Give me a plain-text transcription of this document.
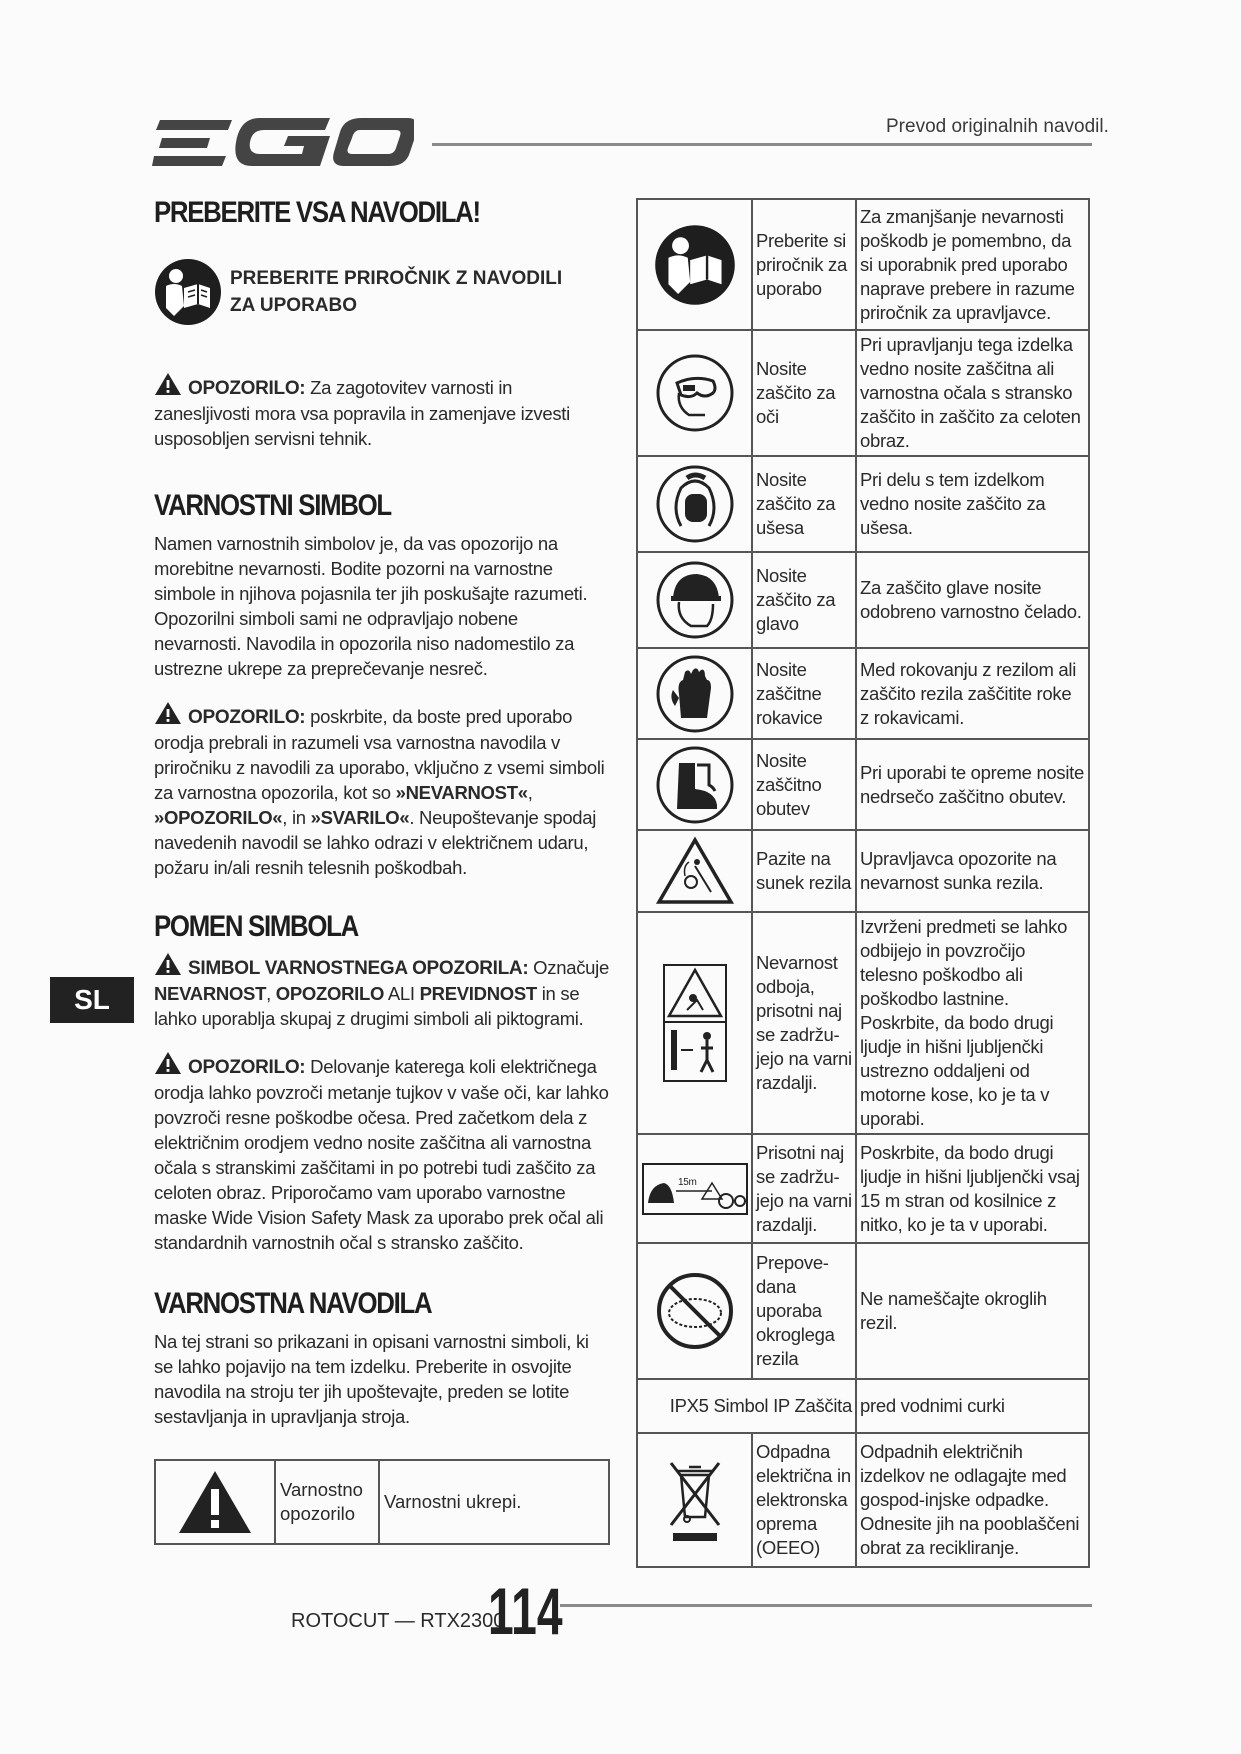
Prevod originalnih navodil.
SL
PREBERITE VSA NAVODILA!
PREBERITE PRIROČNIK Z NAVODILI
ZA UPORABO

OPOZORILO: Za zagotovitev varnosti in zanesljivosti mora vsa popravila in zamenjave izvesti usposobljen servisni tehnik.

VARNOSTNI SIMBOL

Namen varnostnih simbolov je, da vas opozorijo na morebitne nevarnosti. Bodite pozorni na varnostne simbole in njihova pojasnila ter jih poskušajte razumeti. Opozorilni simboli sami ne odpravljajo nobene nevarnosti. Navodila in opozorila niso nadomestilo za ustrezne ukrepe za preprečevanje nesreč.

OPOZORILO: poskrbite, da boste pred uporabo orodja prebrali in razumeli vsa varnostna navodila v priročniku z navodili za uporabo, vključno z vsemi simboli za varnostna opozorila, kot so »NEVARNOST«, »OPOZORILO«, in »SVARILO«. Neupoštevanje spodaj navedenih navodil se lahko odrazi v električnem udaru, požaru in/ali resnih telesnih poškodbah.

POMEN SIMBOLA

SIMBOL VARNOSTNEGA OPOZORILA: Označuje NEVARNOST, OPOZORILO ALI PREVIDNOST in se lahko uporablja skupaj z drugimi simboli ali piktogrami.

OPOZORILO: Delovanje katerega koli električnega orodja lahko povzroči metanje tujkov v vaše oči, kar lahko povzroči resne poškodbe očesa. Pred začetkom dela z električnim orodjem vedno nosite zaščitna ali varnostna očala s stranskimi zaščitami in po potrebi tudi zaščito za celoten obraz. Priporočamo vam uporabo varnostne maske Wide Vision Safety Mask za uporabo prek očal ali standardnih varnostnih očal s stransko zaščito.

VARNOSTNA NAVODILA

Na tej strani so prikazani in opisani varnostni simboli, ki se lahko pojavijo na tem izdelku. Preberite in osvojite navodila na stroju ter jih upoštevajte, preden se lotite sestavljanja in upravljanja stroja.

	Varnostno opozorilo	Varnostni ukrepi.
	Preberite si priročnik za uporabo	Za zmanjšanje nevarnosti poškodb je pomembno, da si uporabnik pred uporabo naprave prebere in razume priročnik za upravljavce.

	Nosite zaščito za oči	Pri upravljanju tega izdelka vedno nosite zaščitna ali varnostna očala s stransko zaščito in zaščito za celoten obraz.

	Nosite zaščito za ušesa	Pri delu s tem izdelkom vedno nosite zaščito za ušesa.

	Nosite zaščito za glavo	Za zaščito glave nosite odobreno varnostno čelado.

	Nosite zaščitne rokavice	Med rokovanju z rezilom ali zaščito rezila zaščitite roke z rokavicami.

	Nosite zaščitno obutev	Pri uporabi te opreme nosite nedrsečo zaščitno obutev.

	Pazite na sunek rezila	Upravljavca opozorite na nevarnost sunka rezila.

	Nevarnost odboja, prisotni naj se zadržu-jejo na varni razdalji.	Izvrženi predmeti se lahko odbijejo in povzročijo telesno poškodbo ali poškodbo lastnine. Poskrbite, da bodo drugi ljudje in hišni ljubljenčki ustrezno oddaljeni od motorne kose, ko je ta v uporabi.

15m	Prisotni naj se zadržu-jejo na varni razdalji.	Poskrbite, da bodo drugi ljudje in hišni ljubljenčki vsaj 15 m stran od kosilnice z nitko, ko je ta v uporabi.

	Prepove-dana uporaba okroglega rezila	Ne nameščajte okroglih rezil.
IPX5 Simbol IP Zaščita		pred vodnimi curki

	Odpadna električna in elektronska oprema (OEEO)	Odpadnih električnih izdelkov ne odlagajte med gospod-injske odpadke. Odnesite jih na pooblaščeni obrat za recikliranje.
ROTOCUT — RTX2300
114
